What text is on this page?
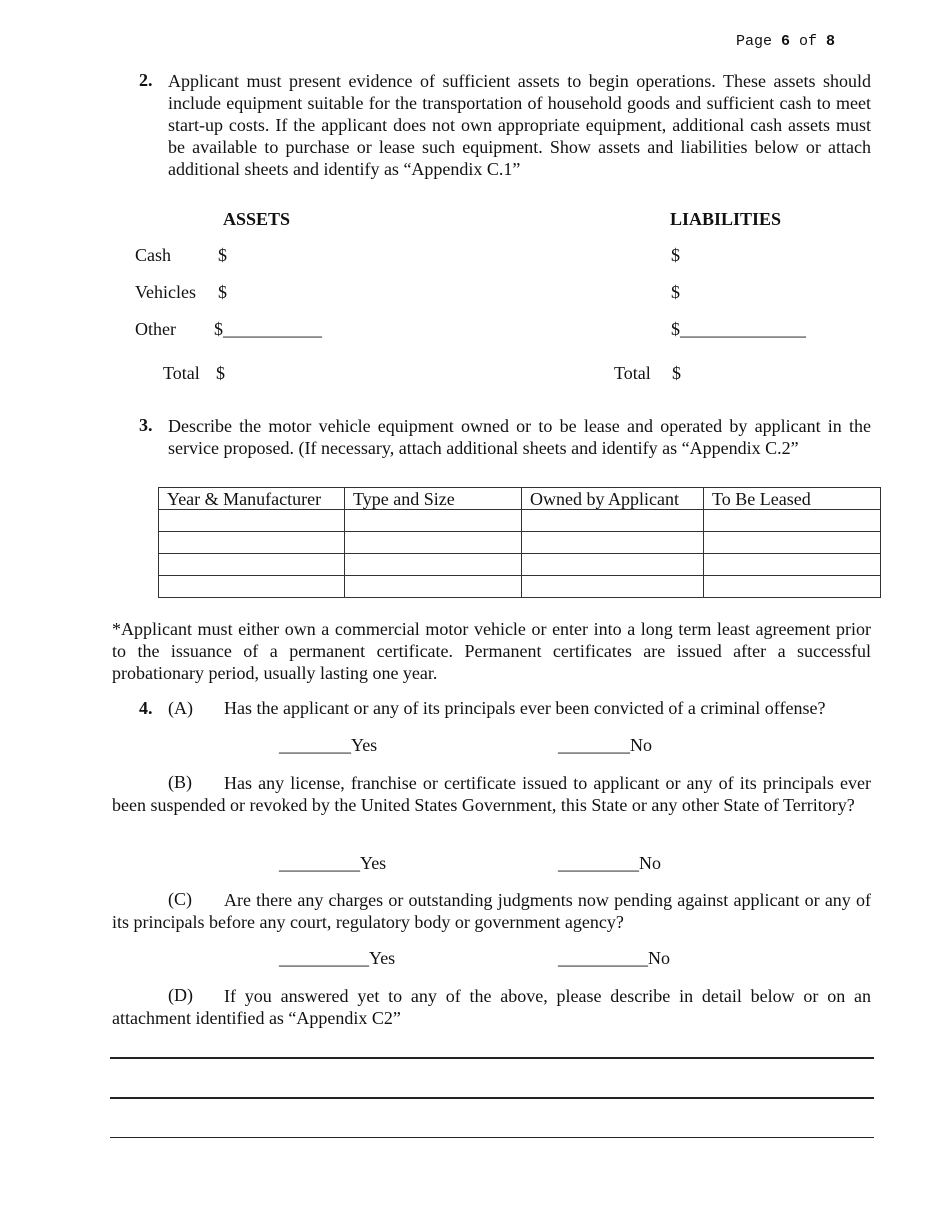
Page 6 of 8
2. Applicant must present evidence of sufficient assets to begin operations. These assets should include equipment suitable for the transportation of household goods and sufficient cash to meet start-up costs. If the applicant does not own appropriate equipment, additional cash assets must be available to purchase or lease such equipment. Show assets and liabilities below or attach additional sheets and identify as “Appendix C.1”
ASSETS	LIABILITIES
Cash	$	$
Vehicles $	$
Other $___________	$______________
Total $	Total $
3. Describe the motor vehicle equipment owned or to be lease and operated by applicant in the service proposed. (If necessary, attach additional sheets and identify as “Appendix C.2”
Year & Manufacturer	Type and Size	Owned by Applicant	To Be Leased

*Applicant must either own a commercial motor vehicle or enter into a long term least agreement prior to the issuance of a permanent certificate. Permanent certificates are issued after a successful probationary period, usually lasting one year.
4. (A) Has the applicant or any of its principals ever been convicted of a criminal offense?
________Yes	________No
(B)	Has any license, franchise or certificate issued to applicant or any of its principals ever been suspended or revoked by the United States Government, this State or any other State of Territory?
_________Yes	_________No
(C)	Are there any charges or outstanding judgments now pending against applicant or any of its principals before any court, regulatory body or government agency?
__________Yes	__________No
(D)	If you answered yet to any of the above, please describe in detail below or on an attachment identified as “Appendix C2”
